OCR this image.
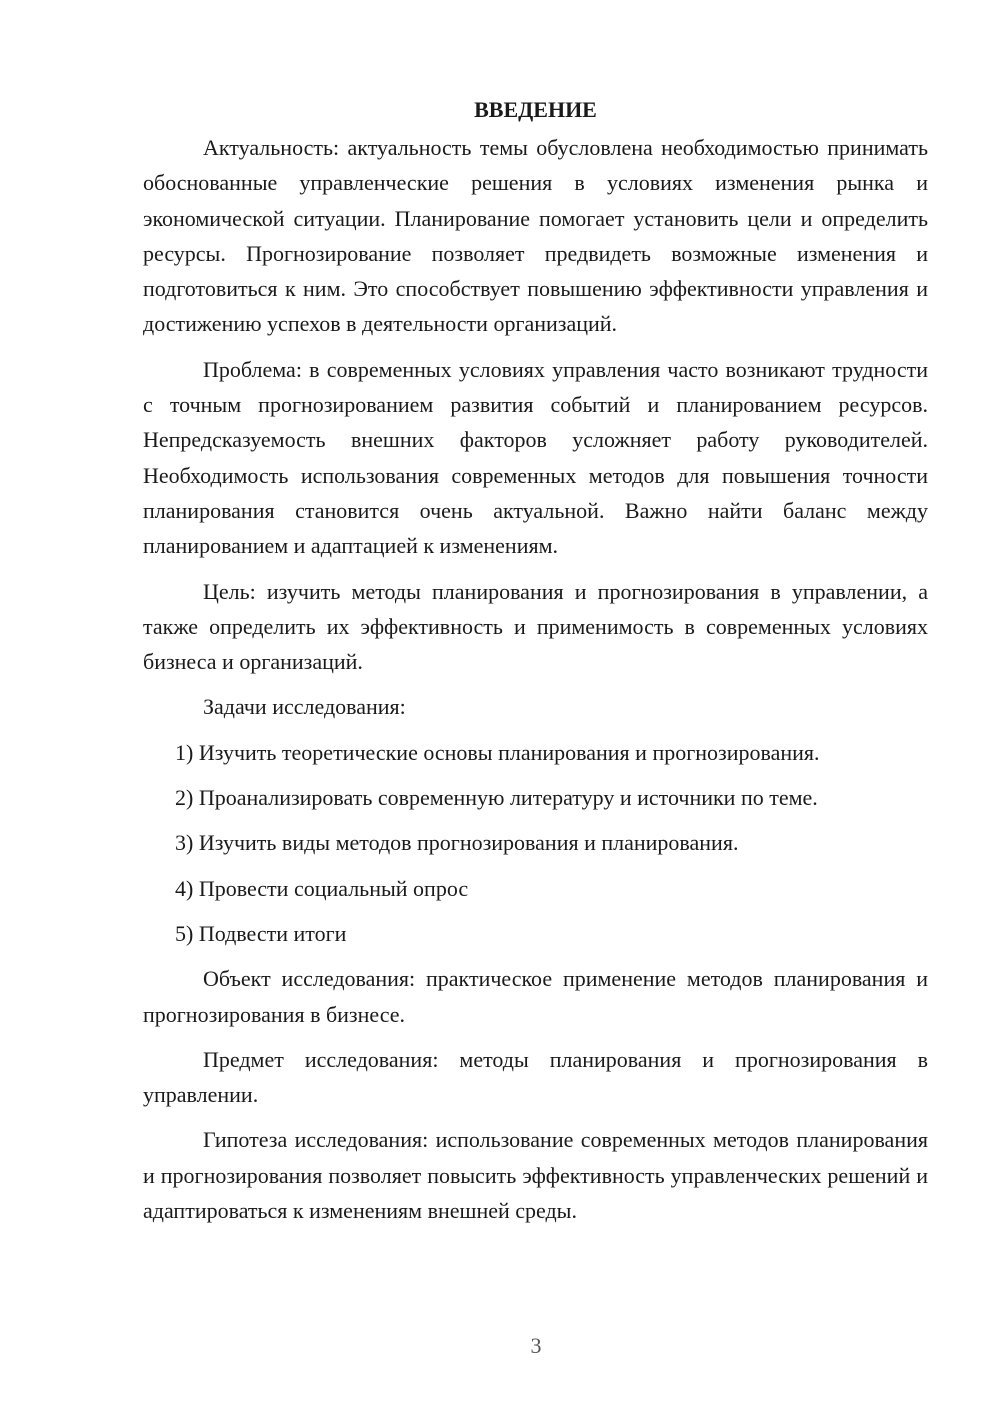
ВВЕДЕНИЕ

Актуальность: актуальность темы обусловлена необходимостью принимать обоснованные управленческие решения в условиях изменения рынка и экономической ситуации. Планирование помогает установить цели и определить ресурсы. Прогнозирование позволяет предвидеть возможные изменения и подготовиться к ним. Это способствует повышению эффективности управления и достижению успехов в деятельности организаций.

Проблема: в современных условиях управления часто возникают трудности с точным прогнозированием развития событий и планированием ресурсов. Непредсказуемость внешних факторов усложняет работу руководителей. Необходимость использования современных методов для повышения точности планирования становится очень актуальной. Важно найти баланс между планированием и адаптацией к изменениям.

Цель: изучить методы планирования и прогнозирования в управлении, а также определить их эффективность и применимость в современных условиях бизнеса и организаций.

Задачи исследования:

1) Изучить теоретические основы планирования и прогнозирования.
2) Проанализировать современную литературу и источники по теме.
3) Изучить виды методов прогнозирования и планирования.
4) Провести социальный опрос
5) Подвести итоги

Объект исследования: практическое применение методов планирования и прогнозирования в бизнесе.

Предмет исследования: методы планирования и прогнозирования в управлении.

Гипотеза исследования: использование современных методов планирования и прогнозирования позволяет повысить эффективность управленческих решений и адаптироваться к изменениям внешней среды.

3
